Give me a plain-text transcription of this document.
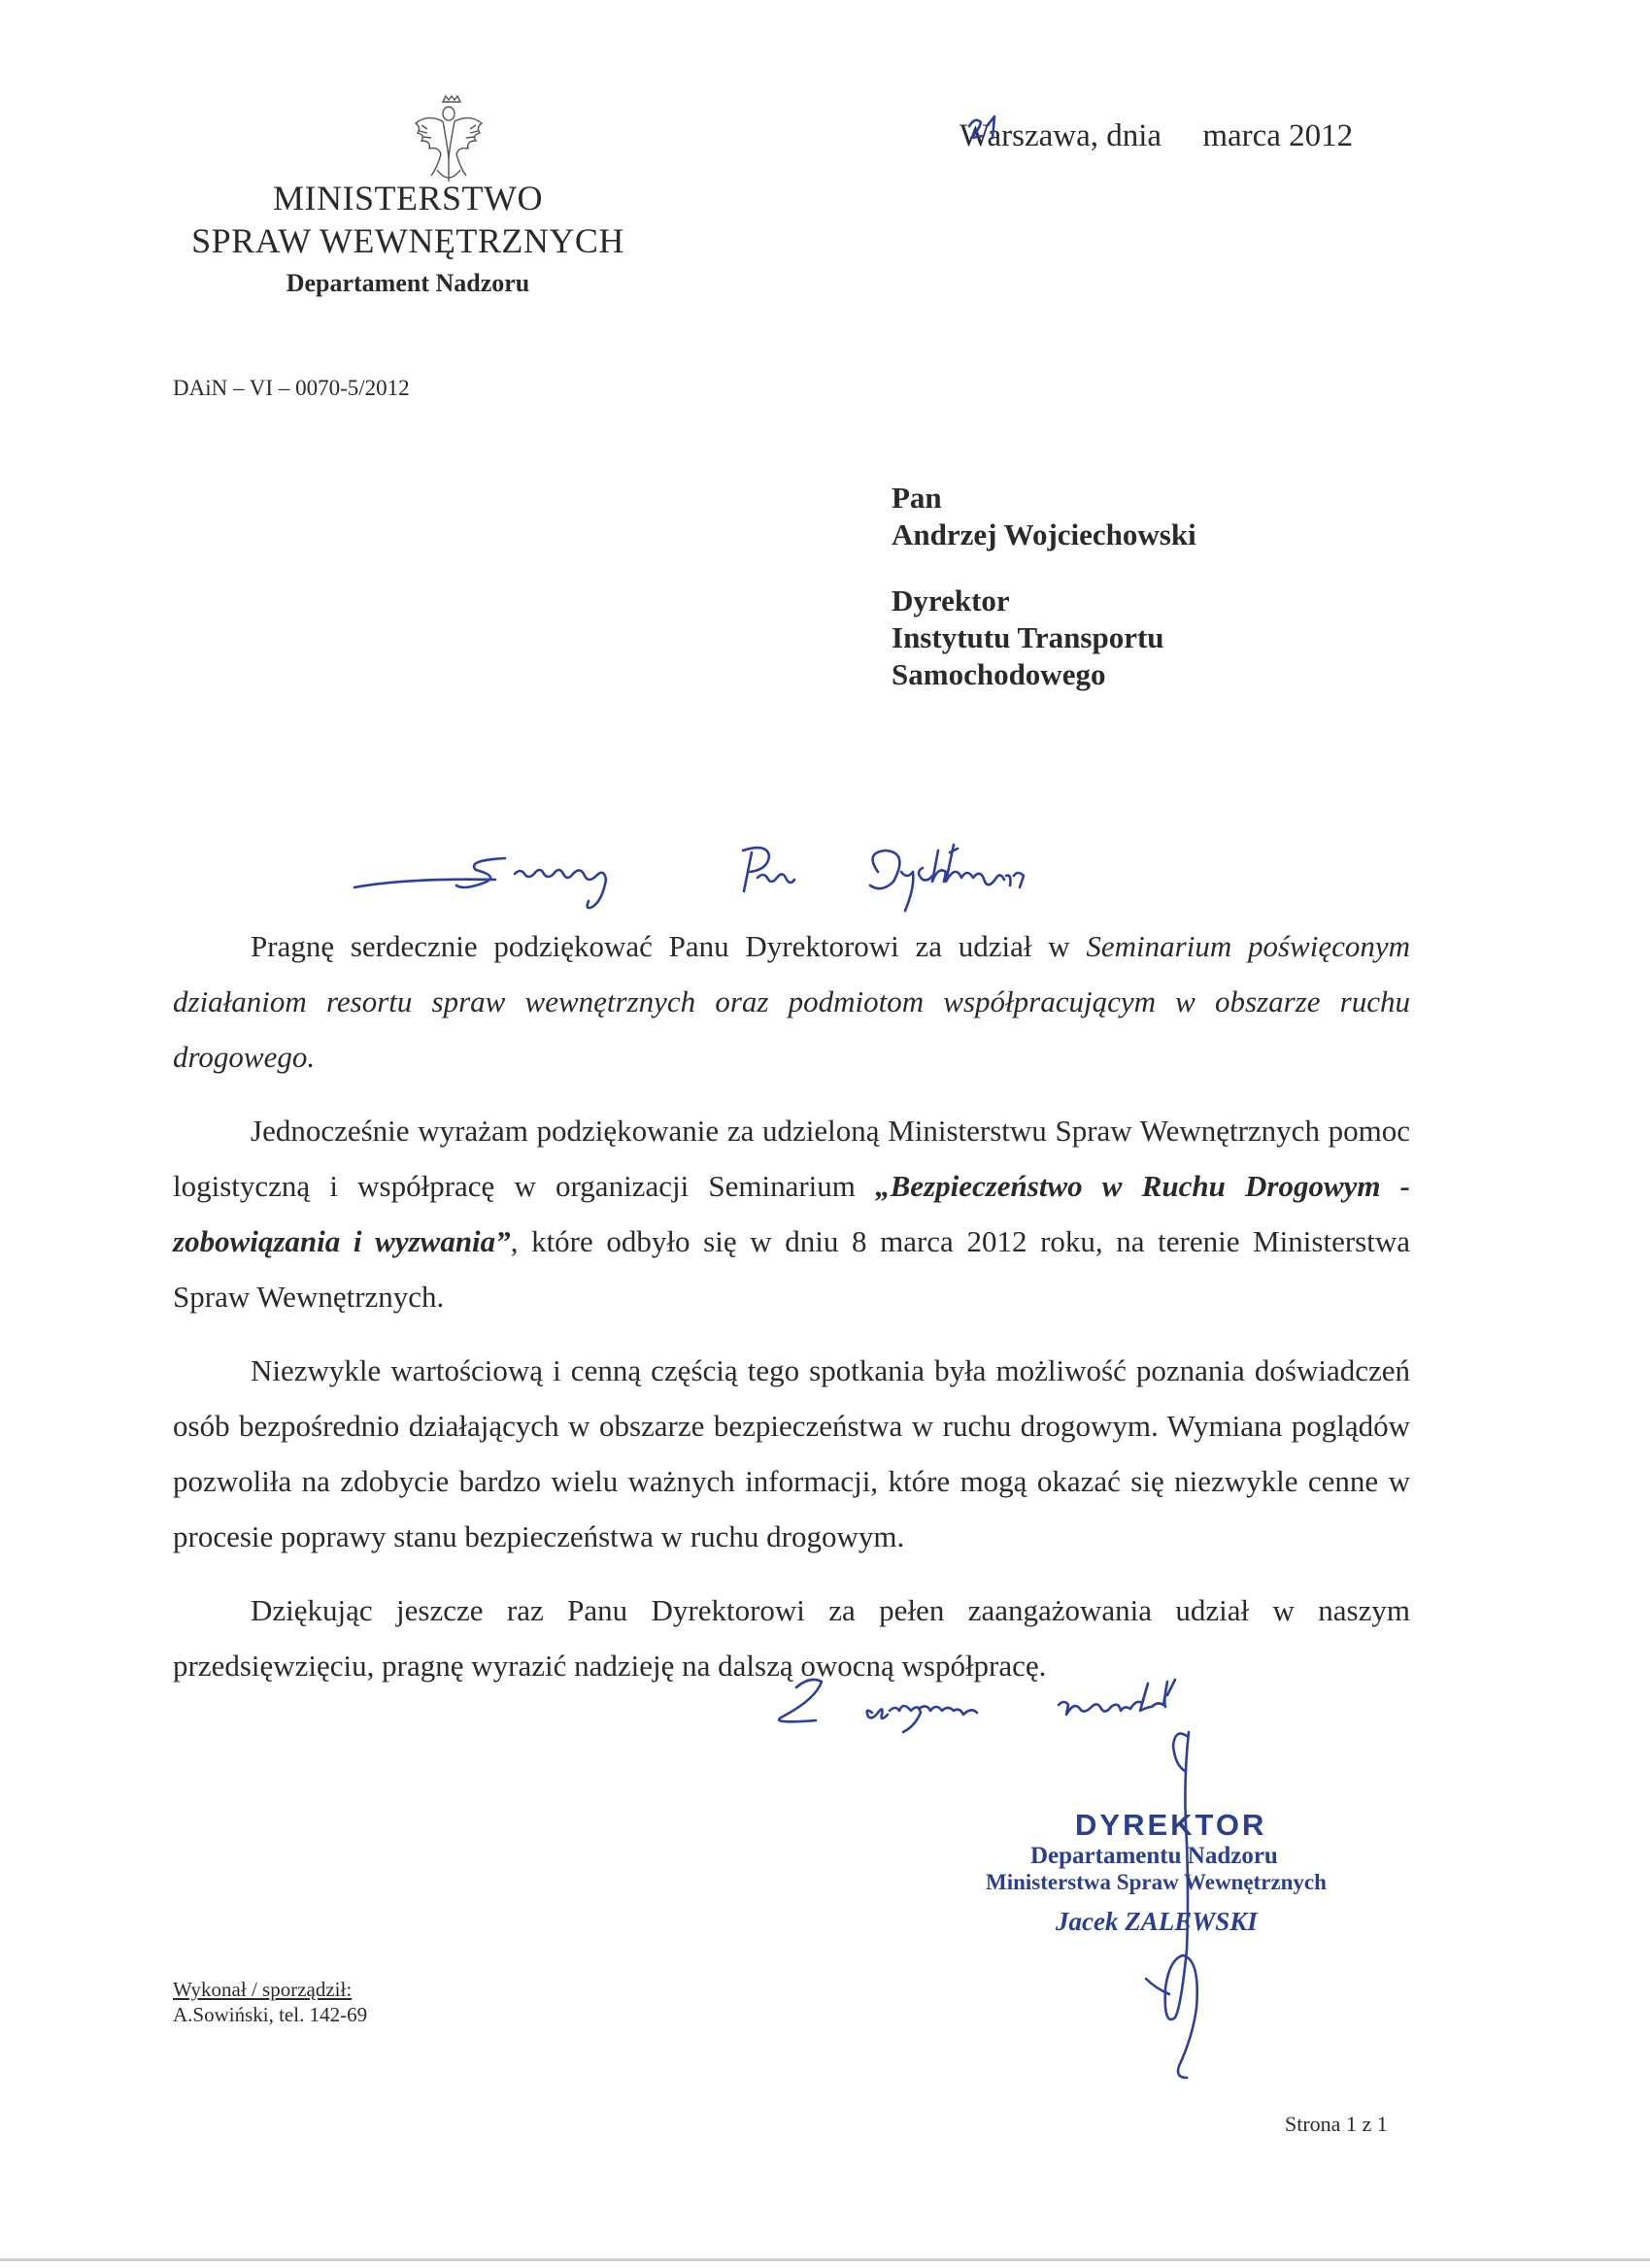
MINISTERSTWO
SPRAW WEWNĘTRZNYCH
Departament Nadzoru
Warszawa, dnia
marca 2012
DAiN – VI – 0070-5/2012
Pan
Andrzej Wojciechowski
Dyrektor
Instytutu Transportu
Samochodowego

Pragnę serdecznie podziękować Panu Dyrektorowi za udział w Seminarium poświęconym działaniom resortu spraw wewnętrznych oraz podmiotom współpracującym w obszarze ruchu drogowego.

Jednocześnie wyrażam podziękowanie za udzieloną Ministerstwu Spraw Wewnętrznych pomoc logistyczną i współpracę w organizacji Seminarium „Bezpieczeństwo w Ruchu Drogowym - zobowiązania i wyzwania”, które odbyło się w dniu 8 marca 2012 roku, na terenie Ministerstwa Spraw Wewnętrznych.

Niezwykle wartościową i cenną częścią tego spotkania była możliwość poznania doświadczeń osób bezpośrednio działających w obszarze bezpieczeństwa w ruchu drogowym. Wymiana poglądów pozwoliła na zdobycie bardzo wielu ważnych informacji, które mogą okazać się niezwykle cenne w procesie poprawy stanu bezpieczeństwa w ruchu drogowym.

Dziękując jeszcze raz Panu Dyrektorowi za pełen zaangażowania udział w naszym przedsięwzięciu, pragnę wyrazić nadzieję na dalszą owocną współpracę.

DYREKTOR
Departamentu Nadzoru
Ministerstwa Spraw Wewnętrznych
Jacek ZALEWSKI
Wykonał / sporządził:
A.Sowiński, tel. 142-69
Strona 1 z 1
